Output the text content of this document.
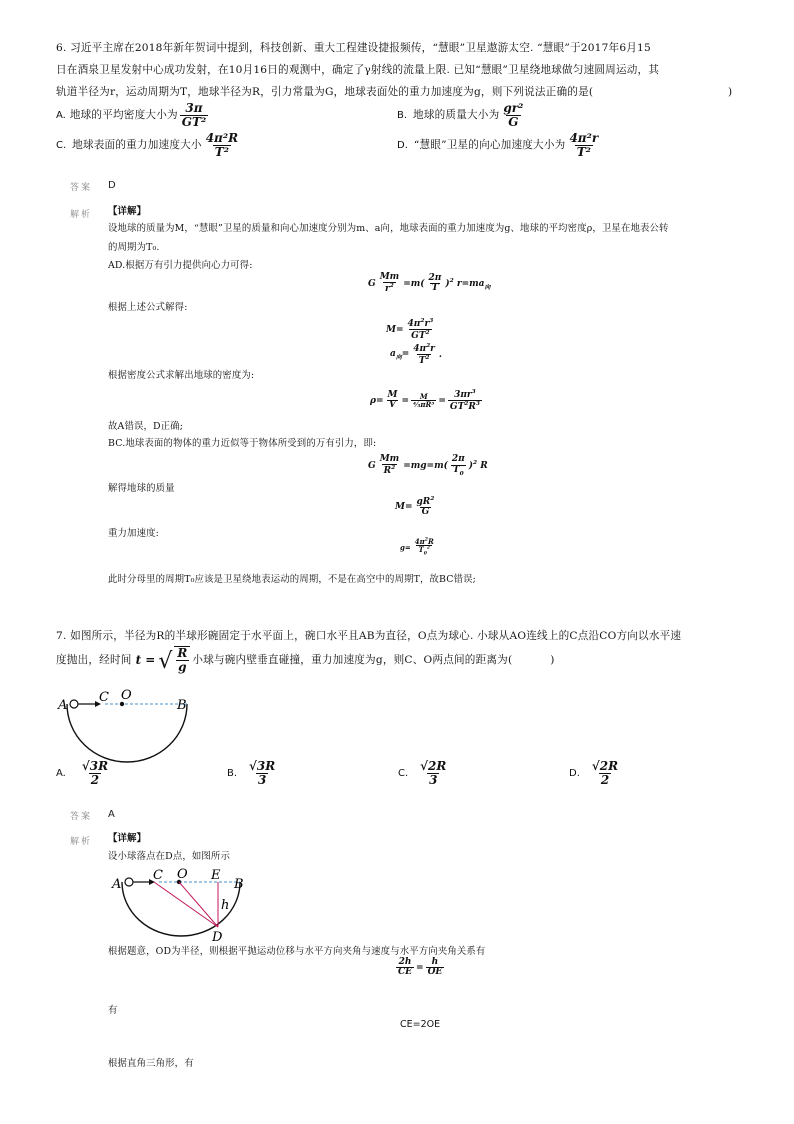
6. 习近平主席在2018年新年贺词中提到，科技创新、重大工程建设捷报频传，“慧眼”卫星遨游太空. “慧眼”于2017年6月15
日在酒泉卫星发射中心成功发射，在10月16日的观测中，确定了γ射线的流量上限. 已知“慧眼”卫星绕地球做匀速圆周运动，其
轨道半径为r，运动周期为T，地球半径为R，引力常量为G，地球表面处的重力加速度为g，则下列说法正确的是(	)
A. 地球的平均密度大小为 $\frac{3\pi}{\text{GT²}}$	B. 地球的质量大小为 $\frac{\text{gr²}}{G}$
C. 地球表面的重力加速度大小 $\frac{\text{4π²R}}{\text{T²}}$	D. “慧眼”卫星的向心加速度大小为 $\frac{\text{4π²r}}{\text{T²}}$
答案 D
解析 【详解】
设地球的质量为M，“慧眼”卫星的质量和向心加速度分别为m、a向，地球表面的重力加速度为g、地球的平均密度ρ，卫星在地表公转
的周期为T₀.
AD.根据万有引力提供向心力可得:
G $\frac{Mm}{r^2} =m( \frac{2\pi}{T} )^2$ $r=ma_向$
根据上述公式解得:
$M= \frac{4\pi^2r^3}{GT^2}$
$a_向= \frac{4\pi^2r}{T^2}$ .
根据密度公式求解出地球的密度为:
$\rho= \frac{M}{V} = \frac{M}{\text{⁴⁄₃πR³}} = \frac{3\pi r^3}{GT^2R^3}$
故A错误，D正确;
BC.地球表面的物体的重力近似等于物体所受到的万有引力，即:
G $\frac{Mm}{R^2} =mg=m( \frac{2\pi}{T_0} )^2$ R
解得地球的质量
$M= \frac{gR^2}{G}$
重力加速度:
$g= \frac{4\pi^2R}{T_0^2}$
此时分母里的周期T₀应该是卫星绕地表运动的周期，不是在高空中的周期T，故BC错误;
7. 如图所示，半径为R的半球形碗固定于水平面上，碗口水平且AB为直径，O点为球心. 小球从AO连线上的C点沿CO方向以水平速
度抛出，经时间 t = √ $\frac{R}{g}$ 小球与碗内壁垂直碰撞，重力加速度为g，则C、O两点间的距离为(	)
A
C O
B
A. $\frac{√3R}{2}$	B. $\frac{√3R}{3}$	C. $\frac{√2R}{3}$	D. $\frac{√2R}{2}$
答案 A
解析 【详解】
设小球落点在D点，如图所示
A
C O E
B
h
D
根据题意，OD为半径，则根据平抛运动位移与水平方向夹角与速度与水平方向夹角关系有
$\frac{2h}{CE} = \frac{h}{OE}$
有
CE=2OE
根据直角三角形，有
